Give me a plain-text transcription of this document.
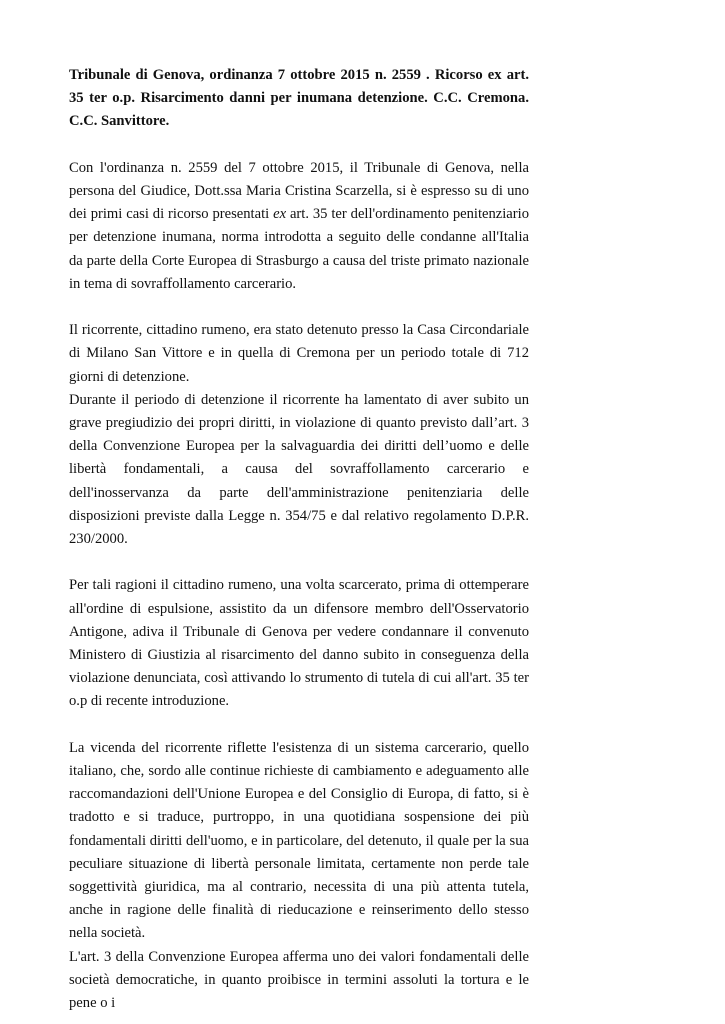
Tribunale di Genova, ordinanza 7 ottobre 2015 n. 2559 . Ricorso ex art. 35 ter o.p. Risarcimento danni per inumana detenzione. C.C. Cremona. C.C. Sanvittore.

Con l'ordinanza n. 2559 del 7 ottobre 2015, il Tribunale di Genova, nella persona del Giudice, Dott.ssa Maria Cristina Scarzella, si è espresso su di uno dei primi casi di ricorso presentati ex art. 35 ter dell'ordinamento penitenziario per detenzione inumana, norma introdotta a seguito delle condanne all'Italia da parte della Corte Europea di Strasburgo a causa del triste primato nazionale in tema di sovraffollamento carcerario.

Il ricorrente, cittadino rumeno, era stato detenuto presso la Casa Circondariale di Milano San Vittore e in quella di Cremona per un periodo totale di 712 giorni di detenzione.

Durante il periodo di detenzione il ricorrente ha lamentato di aver subito un grave pregiudizio dei propri diritti, in violazione di quanto previsto dall’art. 3 della Convenzione Europea per la salvaguardia dei diritti dell’uomo e delle libertà fondamentali, a causa del sovraffollamento carcerario e dell'inosservanza da parte dell'amministrazione penitenziaria delle disposizioni previste dalla Legge n. 354/75 e dal relativo regolamento D.P.R. 230/2000.

Per tali ragioni il cittadino rumeno, una volta scarcerato, prima di ottemperare all'ordine di espulsione, assistito da un difensore membro dell'Osservatorio Antigone, adiva il Tribunale di Genova per vedere condannare il convenuto Ministero di Giustizia al risarcimento del danno subito in conseguenza della violazione denunciata, così attivando lo strumento di tutela di cui all'art. 35 ter o.p di recente introduzione.

La vicenda del ricorrente riflette l'esistenza di un sistema carcerario, quello italiano, che, sordo alle continue richieste di cambiamento e adeguamento alle raccomandazioni dell'Unione Europea e del Consiglio di Europa, di fatto, si è tradotto e si traduce, purtroppo, in una quotidiana sospensione dei più fondamentali diritti dell'uomo, e in particolare, del detenuto, il quale per la sua peculiare situazione di libertà personale limitata, certamente non perde tale soggettività giuridica, ma al contrario, necessita di una più attenta tutela, anche in ragione delle finalità di rieducazione e reinserimento dello stesso nella società.

L'art. 3 della Convenzione Europea afferma uno dei valori fondamentali delle società democratiche, in quanto proibisce in termini assoluti la tortura e le pene o i
